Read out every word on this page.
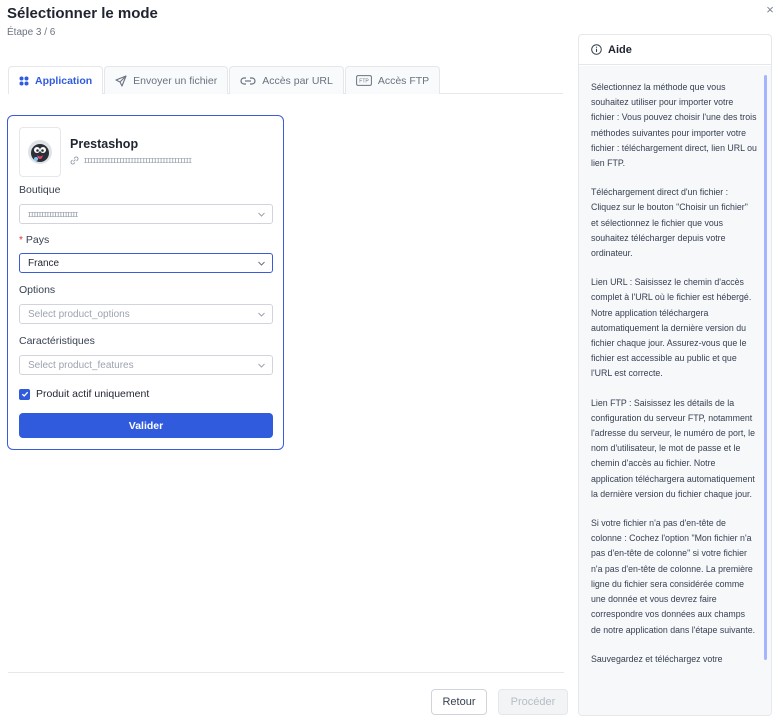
Sélectionner le mode
Étape 3 / 6
×
Application	Envoyer un fichier	Accès par URL	FTP Accès FTP
Prestashop
ɪɪɪɪɪɪɪɪɪɪɪɪɪɪɪɪɪɪɪɪɪɪɪɪɪɪɪɪɪɪɪɪɪɪɪɪɪ
Boutique
ɪɪɪɪɪɪɪɪɪɪɪɪɪɪɪɪɪɪɪ
* Pays
France
Options
Select product_options
Caractéristiques
Select product_features
Produit actif uniquement
Valider
Retour	Procéder
Aide

Sélectionnez la méthode que vous souhaitez utiliser pour importer votre fichier : Vous pouvez choisir l'une des trois méthodes suivantes pour importer votre fichier : téléchargement direct, lien URL ou lien FTP.

Téléchargement direct d'un fichier : Cliquez sur le bouton "Choisir un fichier" et sélectionnez le fichier que vous souhaitez télécharger depuis votre ordinateur.

Lien URL : Saisissez le chemin d'accès complet à l'URL où le fichier est hébergé. Notre application téléchargera automatiquement la dernière version du fichier chaque jour. Assurez-vous que le fichier est accessible au public et que l'URL est correcte.

Lien FTP : Saisissez les détails de la configuration du serveur FTP, notamment l'adresse du serveur, le numéro de port, le nom d'utilisateur, le mot de passe et le chemin d'accès au fichier. Notre application téléchargera automatiquement la dernière version du fichier chaque jour.

Si votre fichier n'a pas d'en-tête de colonne : Cochez l'option "Mon fichier n'a pas d'en-tête de colonne" si votre fichier n'a pas d'en-tête de colonne. La première ligne du fichier sera considérée comme une donnée et vous devrez faire correspondre vos données aux champs de notre application dans l'étape suivante.

Sauvegardez et téléchargez votre
